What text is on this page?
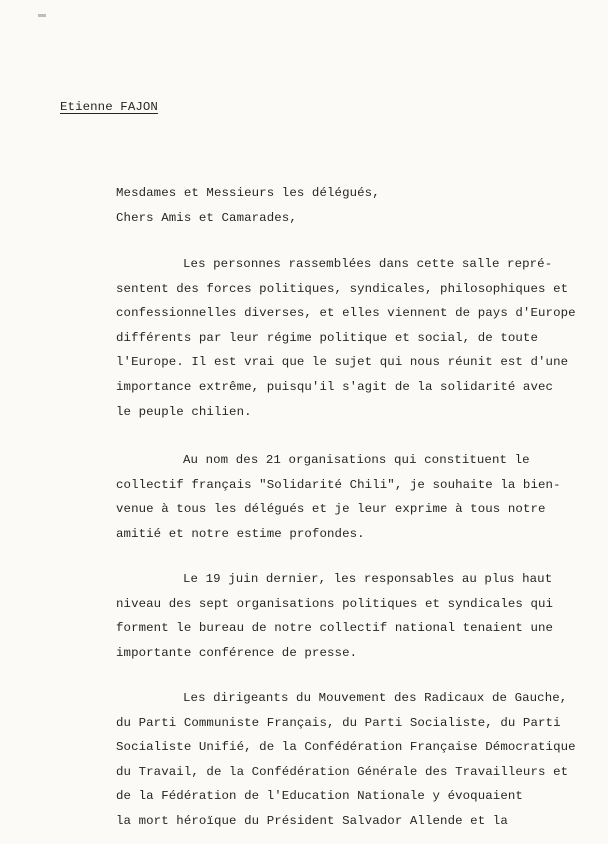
Etienne FAJON
Mesdames et Messieurs les délégués,
Chers Amis et Camarades,
Les personnes rassemblées dans cette salle repré-
sentent des forces politiques, syndicales, philosophiques et
confessionnelles diverses, et elles viennent de pays d'Europe
différents par leur régime politique et social, de toute
l'Europe. Il est vrai que le sujet qui nous réunit est d'une
importance extrême, puisqu'il s'agit de la solidarité avec
le peuple chilien.
Au nom des 21 organisations qui constituent le
collectif français "Solidarité Chili", je souhaite la bien-
venue à tous les délégués et je leur exprime à tous notre
amitié et notre estime profondes.
Le 19 juin dernier, les responsables au plus haut
niveau des sept organisations politiques et syndicales qui
forment le bureau de notre collectif national tenaient une
importante conférence de presse.
Les dirigeants du Mouvement des Radicaux de Gauche,
du Parti Communiste Français, du Parti Socialiste, du Parti
Socialiste Unifié, de la Confédération Française Démocratique
du Travail, de la Confédération Générale des Travailleurs et
de la Fédération de l'Education Nationale y évoquaient
la mort héroïque du Président Salvador Allende et la
